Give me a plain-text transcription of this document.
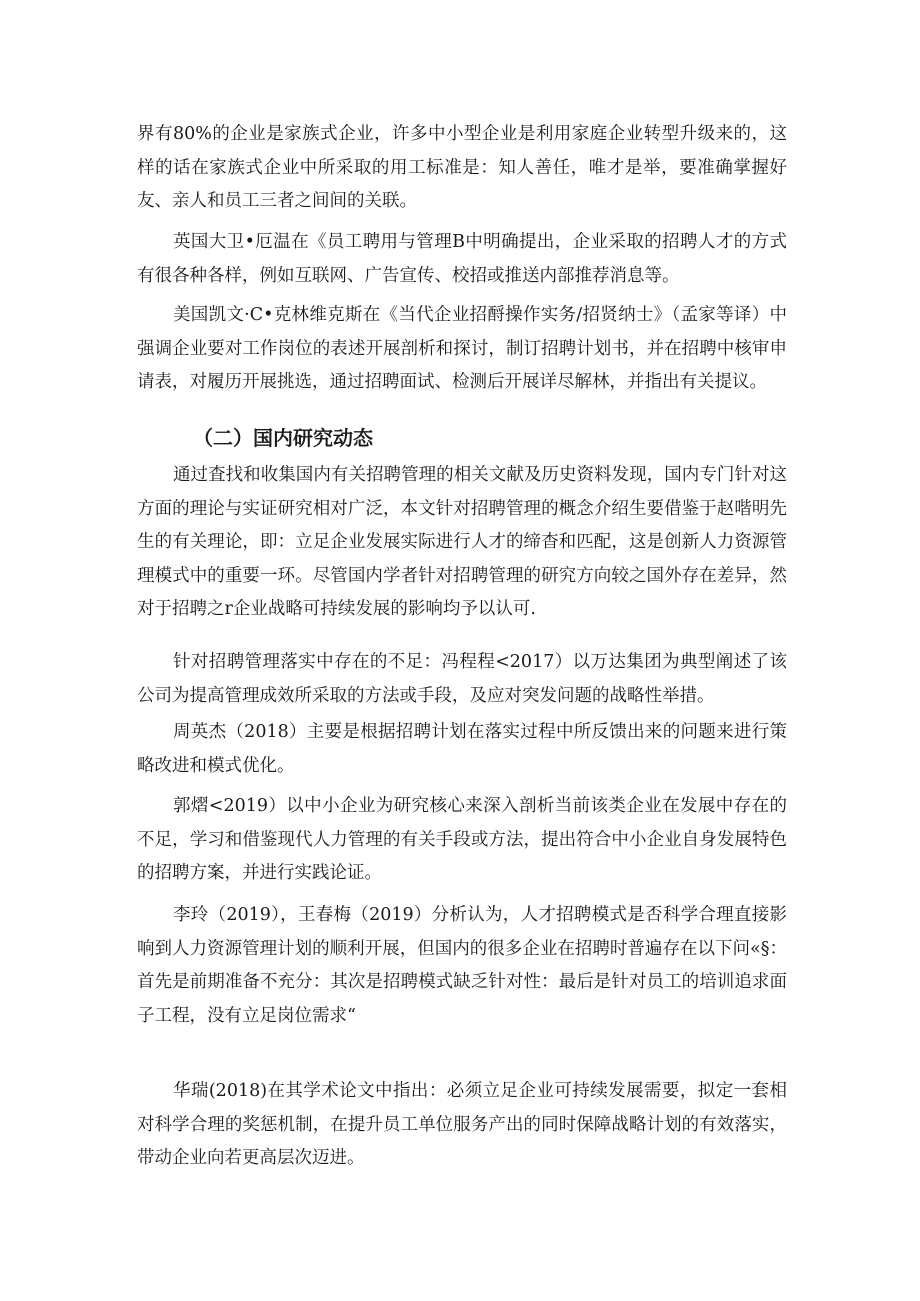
界有80%的企业是家族式企业，许多中小型企业是利用家庭企业转型升级来的，这样的话在家族式企业中所采取的用工标准是：知人善任，唯才是举，要准确掌握好友、亲人和员工三者之间间的关联。

英国大卫•厄温在《员工聘用与管理B中明确提出，企业采取的招聘人才的方式有很各种各样，例如互联网、广告宣传、校招或推送内部推荐消息等。

美国凯文·C•克林维克斯在《当代企业招酹操作实务/招贤纳士》（孟家等译）中强调企业要对工作岗位的表述开展剖析和探讨，制订招聘计划书，并在招聘中核审申请表，对履历开展挑选，通过招聘面试、检测后开展详尽解林，并指出有关提议。

（二）国内研究动态

通过査找和收集国内有关招聘管理的相关文献及历史资料发现，国内专门针对这方面的理论与实证研究相对广泛，本文针对招聘管理的概念介绍生要借鉴于赵喈明先生的有关理论，即：立足企业发展实际进行人才的缔杳和匹配，这是创新人力资源管理模式中的重要一环。尽管国内学者针对招聘管理的研究方向较之国外存在差异，然对于招聘之r企业战略可持续发展的影响均予以认可.

针对招聘管理落实中存在的不足：冯程程<2017）以万达集团为典型阐述了该公司为提高管理成效所采取的方法或手段，及应对突发问题的战略性举措。

周英杰（2018）主要是根据招聘计划在落实过程中所反馈出来的问题来进行策略改进和模式优化。

郭熠<2019）以中小企业为研究核心来深入剖析当前该类企业在发展中存在的不足，学习和借鉴现代人力管理的有关手段或方法，提出符合中小企业自身发展特色的招聘方案，并进行实践论证。

李玲（2019），王春梅（2019）分析认为，人才招聘模式是否科学合理直接影响到人力资源管理计划的顺利开展，但国内的很多企业在招聘时普遍存在以下问«§：首先是前期准备不充分：其次是招聘模式缺乏针对性：最后是针对员工的培训追求面子工程，没有立足岗位需求“

华瑞(2018)在其学术论文中指出：必须立足企业可持续发展需要，拟定一套相对科学合理的奖惩机制，在提升员工单位服务产出的同时保障战略计划的有效落实，带动企业向若更高层次迈进。
